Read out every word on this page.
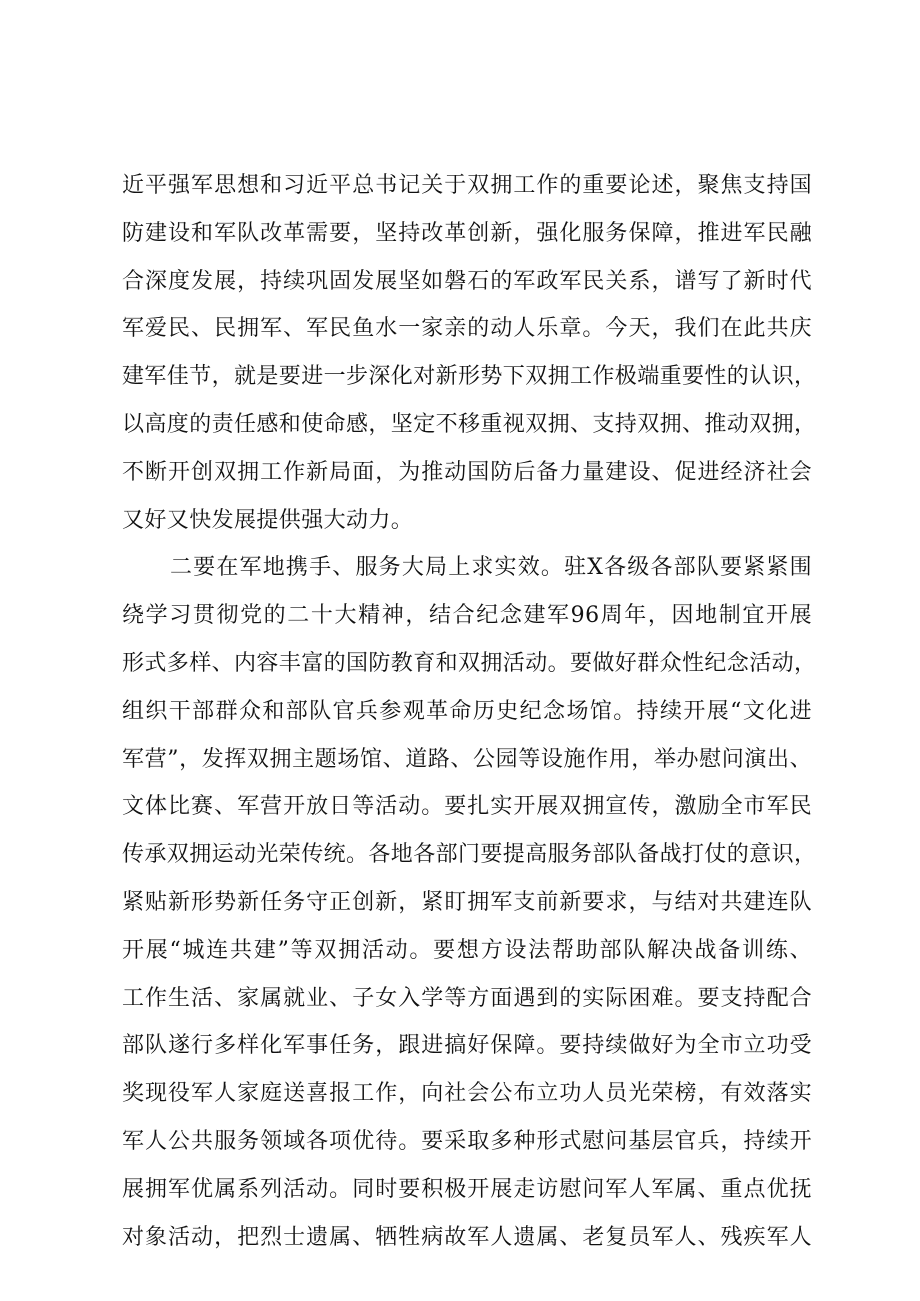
近平强军思想和习近平总书记关于双拥工作的重要论述，聚焦支持国
防建设和军队改革需要，坚持改革创新，强化服务保障，推进军民融
合深度发展，持续巩固发展坚如磐石的军政军民关系，谱写了新时代
军爱民、民拥军、军民鱼水一家亲的动人乐章。今天，我们在此共庆
建军佳节，就是要进一步深化对新形势下双拥工作极端重要性的认识，
以高度的责任感和使命感，坚定不移重视双拥、支持双拥、推动双拥，
不断开创双拥工作新局面，为推动国防后备力量建设、促进经济社会
又好又快发展提供强大动力。
二要在军地携手、服务大局上求实效。驻X各级各部队要紧紧围
绕学习贯彻党的二十大精神，结合纪念建军96周年，因地制宜开展
形式多样、内容丰富的国防教育和双拥活动。要做好群众性纪念活动，
组织干部群众和部队官兵参观革命历史纪念场馆。持续开展“文化进
军营”，发挥双拥主题场馆、道路、公园等设施作用，举办慰问演出、
文体比赛、军营开放日等活动。要扎实开展双拥宣传，激励全市军民
传承双拥运动光荣传统。各地各部门要提高服务部队备战打仗的意识，
紧贴新形势新任务守正创新，紧盯拥军支前新要求，与结对共建连队
开展“城连共建”等双拥活动。要想方设法帮助部队解决战备训练、
工作生活、家属就业、子女入学等方面遇到的实际困难。要支持配合
部队遂行多样化军事任务，跟进搞好保障。要持续做好为全市立功受
奖现役军人家庭送喜报工作，向社会公布立功人员光荣榜，有效落实
军人公共服务领域各项优待。要采取多种形式慰问基层官兵，持续开
展拥军优属系列活动。同时要积极开展走访慰问军人军属、重点优抚
对象活动，把烈士遗属、牺牲病故军人遗属、老复员军人、残疾军人
